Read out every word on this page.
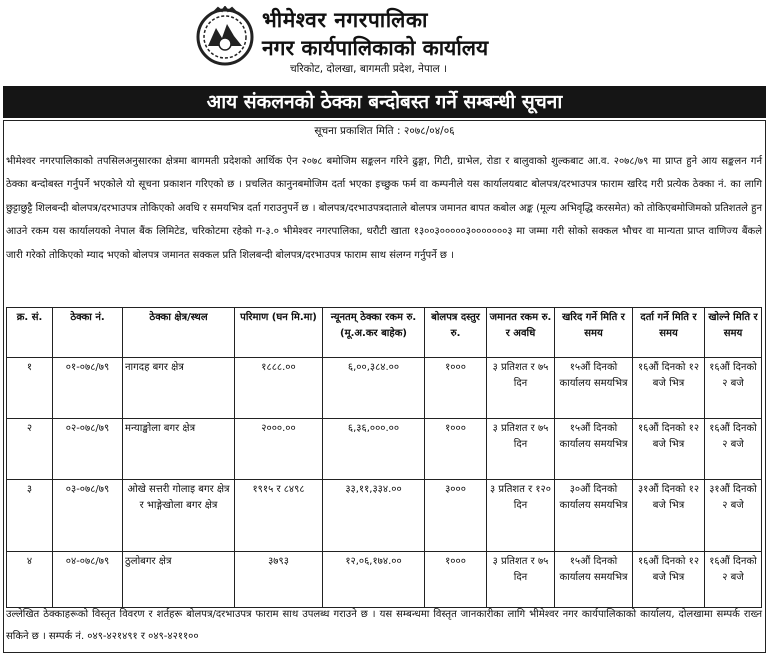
भीमेश्वर नगरपालिका
नगर कार्यपालिकाको कार्यालय
चरिकोट, दोलखा, बागमती प्रदेश, नेपाल ।
आय संकलनको ठेक्का बन्दोबस्त गर्ने सम्बन्धी सूचना
सूचना प्रकाशित मिति : २०७८/०४/०६
भीमेश्वर नगरपालिकाको तपसिलअनुसारका क्षेत्रमा बागमती प्रदेशको आर्थिक ऐन २०७८ बमोजिम सङ्कलन गरिने ढुङ्गा, गिटी, ग्राभेल, रोडा र बालुवाको शुल्कबाट आ.व. २०७८/७९ मा प्राप्त हुने आय सङ्कलन गर्न ठेक्का बन्दोबस्त गर्नुपर्ने भएकोले यो सूचना प्रकाशन गरिएको छ । प्रचलित कानुनबमोजिम दर्ता भएका इच्छुक फर्म वा कम्पनीले यस कार्यालयबाट बोलपत्र/दरभाउपत्र फाराम खरिद गरी प्रत्येक ठेक्का नं. का लागि छुट्टाछुट्टै शिलबन्दी बोलपत्र/दरभाउपत्र तोकिएको अवधि र समयभित्र दर्ता गराउनुपर्ने छ । बोलपत्र/दरभाउपत्रदाताले बोलपत्र जमानत बापत कबोल अङ्क (मूल्य अभिवृद्धि करसमेत) को तोकिएबमोजिमको प्रतिशतले हुन आउने रकम यस कार्यालयको नेपाल बैंक लिमिटेड, चरिकोटमा रहेको ग-३.० भीमेश्वर नगरपालिका, धरौटी खाता १३००३०००००३०००००००३ मा जम्मा गरी सोको सक्कल भौचर वा मान्यता प्राप्त वाणिज्य बैंकले जारी गरेको तोकिएको म्याद भएको बोलपत्र जमानत सक्कल प्रति शिलबन्दी बोलपत्र/दरभाउपत्र फाराम साथ संलग्न गर्नुपर्ने छ ।
क्र. सं.	ठेक्का नं.	ठेक्का क्षेत्र/स्थल	परिमाण (घन मि.मा)	न्यूनतम् ठेक्का रकम रु. (मू.अ.कर बाहेक)	बोलपत्र दस्तुर रु.	जमानत रकम रु. र अवधि	खरिद गर्ने मिति र समय	दर्ता गर्ने मिति र समय	खोल्ने मिति र समय
१	०१-०७८/७९	नागदह बगर क्षेत्र	१८८८.००	६,००,३८४.००	१०००	३ प्रतिशत र ७५ दिन	१५औं दिनको कार्यालय समयभित्र	१६औं दिनको १२ बजे भित्र	१६औं दिनको २ बजे
२	०२-०७८/७९	मन्याङ्खोला बगर क्षेत्र	२०००.००	६,३६,०००.००	१०००	३ प्रतिशत र ७५ दिन	१५औं दिनको कार्यालय समयभित्र	१६औं दिनको १२ बजे भित्र	१६औं दिनको २ बजे
३	०३-०७८/७९	ओखे सत्तरी गोलाइ बगर क्षेत्र र भाङ्गेखोला बगर क्षेत्र	१९१५ र ८४९८	३३,११,३३४.००	३०००	३ प्रतिशत र १२० दिन	३०औं दिनको कार्यालय समयभित्र	३१औं दिनको १२ बजे भित्र	३१औं दिनको २ बजे
४	०४-०७८/७९	ठुलोबगर क्षेत्र	३७९३	१२,०६,१७४.००	१०००	३ प्रतिशत र ७५ दिन	१५औं दिनको कार्यालय समयभित्र	१६औं दिनको १२ बजे भित्र	१६औं दिनको २ बजे
उल्लेखित ठेक्काहरूको विस्तृत विवरण र शर्तहरू बोलपत्र/दरभाउपत्र फाराम साथ उपलब्ध गराउने छ । यस सम्बन्धमा विस्तृत जानकारीका लागि भीमेश्वर नगर कार्यपालिकाको कार्यालय, दोलखामा सम्पर्क राख्न सकिने छ । सम्पर्क नं. ०४९-४२१४९१ र ०४९-४२११००
